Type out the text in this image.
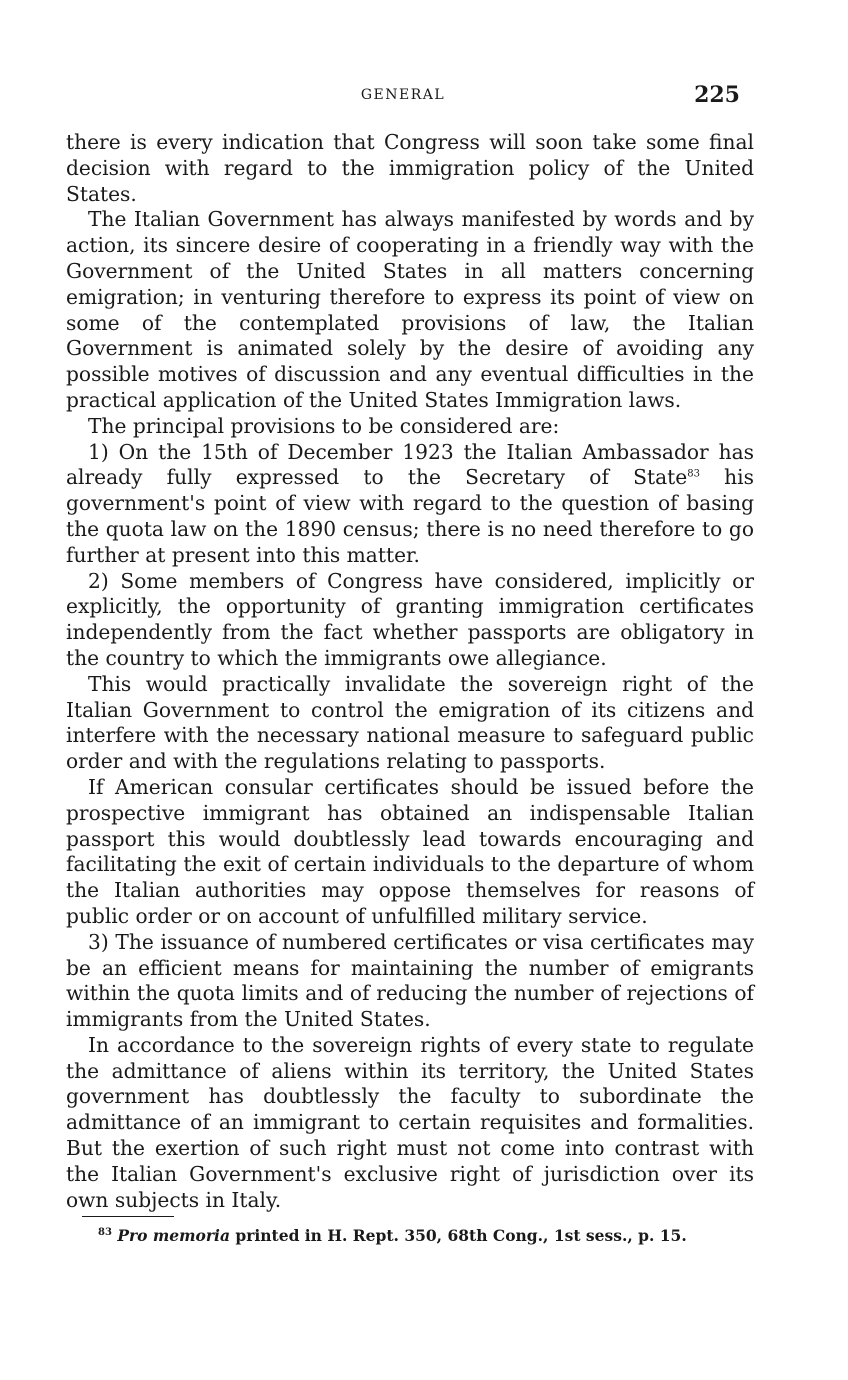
GENERAL	225

there is every indication that Congress will soon take some final decision with regard to the immigration policy of the United States.

The Italian Government has always manifested by words and by action, its sincere desire of cooperating in a friendly way with the Government of the United States in all matters concerning emigration; in venturing therefore to express its point of view on some of the contemplated provisions of law, the Italian Government is animated solely by the desire of avoiding any possible motives of discussion and any eventual difficulties in the practical application of the United States Immigration laws.

The principal provisions to be considered are:

1) On the 15th of December 1923 the Italian Ambassador has already fully expressed to the Secretary of State$^{83}$ his government's point of view with regard to the question of basing the quota law on the 1890 census; there is no need therefore to go further at present into this matter.

2) Some members of Congress have considered, implicitly or explicitly, the opportunity of granting immigration certificates independently from the fact whether passports are obligatory in the country to which the immigrants owe allegiance.

This would practically invalidate the sovereign right of the Italian Government to control the emigration of its citizens and interfere with the necessary national measure to safeguard public order and with the regulations relating to passports.

If American consular certificates should be issued before the prospective immigrant has obtained an indispensable Italian passport this would doubtlessly lead towards encouraging and facilitating the exit of certain individuals to the departure of whom the Italian authorities may oppose themselves for reasons of public order or on account of unfulfilled military service.

3) The issuance of numbered certificates or visa certificates may be an efficient means for maintaining the number of emigrants within the quota limits and of reducing the number of rejections of immigrants from the United States.

In accordance to the sovereign rights of every state to regulate the admittance of aliens within its territory, the United States government has doubtlessly the faculty to subordinate the admittance of an immigrant to certain requisites and formalities. But the exertion of such right must not come into contrast with the Italian Government's exclusive right of jurisdiction over its own subjects in Italy.

$^{83}$ Pro memoria printed in H. Rept. 350, 68th Cong., 1st sess., p. 15.
